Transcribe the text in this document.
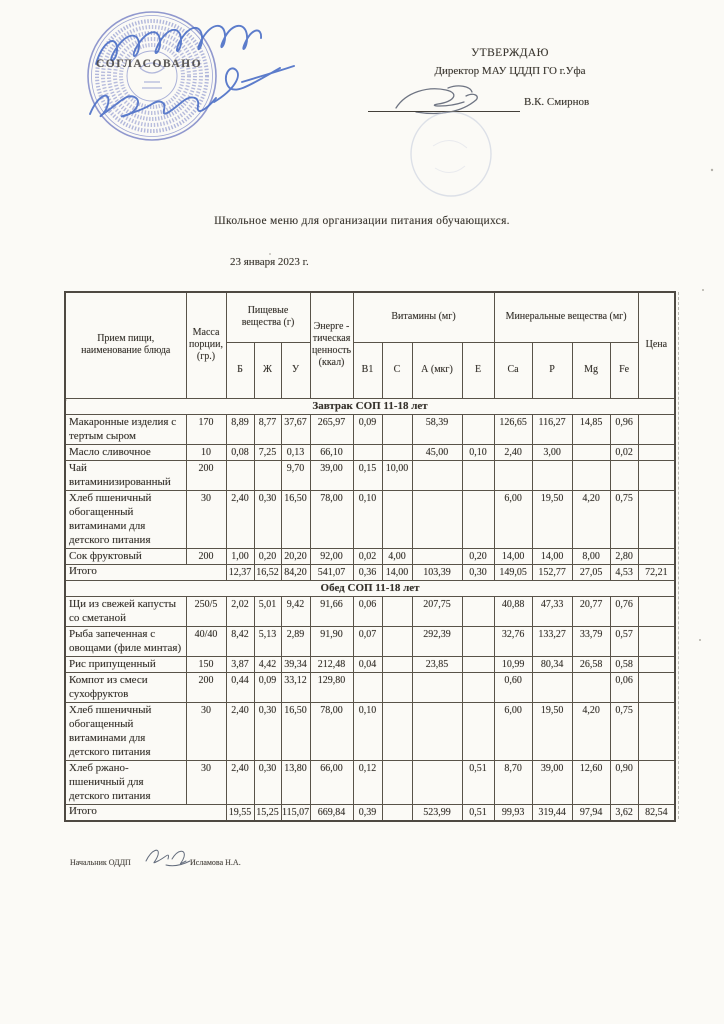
СОГЛАСОВАНО
УТВЕРЖДАЮ
Директор МАУ ЦДДП ГО г.Уфа
В.К. Смирнов
Школьное меню для организации питания обучающихся.
23 января 2023 г.
Прием пищи, наименование блюда	Масса порции, (гр.)	Пищевые вещества (г)			Энерге - тическая ценность (ккал)	Витамины (мг)				Минеральные вещества (мг)				Цена
		Б	Ж	У		В1	С	А (мкг)	Е	Ca	P	Mg	Fe	
Завтрак СОП 11-18 лет														
Макаронные изделия с тертым сыром	170	8,89	8,77	37,67	265,97	0,09		58,39		126,65	116,27	14,85	0,96	
Масло сливочное	10	0,08	7,25	0,13	66,10			45,00	0,10	2,40	3,00		0,02	
Чай витаминизированный	200			9,70	39,00	0,15	10,00							
Хлеб пшеничный обогащенный витаминами для детского питания	30	2,40	0,30	16,50	78,00	0,10				6,00	19,50	4,20	0,75	
Сок фруктовый	200	1,00	0,20	20,20	92,00	0,02	4,00		0,20	14,00	14,00	8,00	2,80	
Итого		12,37	16,52	84,20	541,07	0,36	14,00	103,39	0,30	149,05	152,77	27,05	4,53	72,21
Обед СОП 11-18 лет														
Щи из свежей капусты со сметаной	250/5	2,02	5,01	9,42	91,66	0,06		207,75		40,88	47,33	20,77	0,76	
Рыба запеченная с овощами (филе минтая)	40/40	8,42	5,13	2,89	91,90	0,07		292,39		32,76	133,27	33,79	0,57	
Рис припущенный	150	3,87	4,42	39,34	212,48	0,04		23,85		10,99	80,34	26,58	0,58	
Компот из смеси сухофруктов	200	0,44	0,09	33,12	129,80					0,60			0,06	
Хлеб пшеничный обогащенный витаминами для детского питания	30	2,40	0,30	16,50	78,00	0,10				6,00	19,50	4,20	0,75	
Хлеб ржано-пшеничный для детского питания	30	2,40	0,30	13,80	66,00	0,12			0,51	8,70	39,00	12,60	0,90	
Итого		19,55	15,25	115,07	669,84	0,39		523,99	0,51	99,93	319,44	97,94	3,62	82,54
Начальник ОДДП	Исламова Н.А.
